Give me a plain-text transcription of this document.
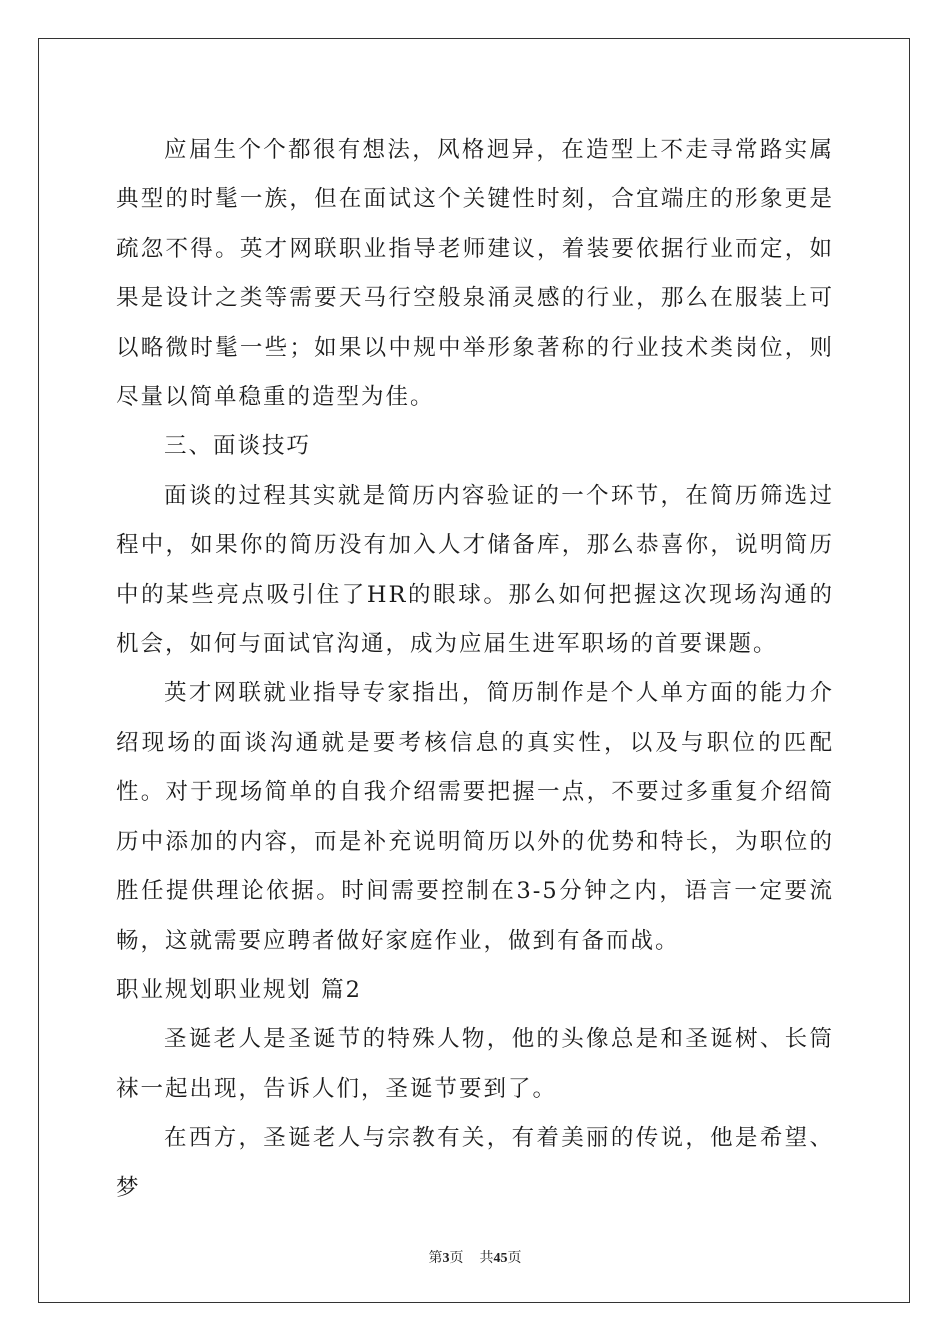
应届生个个都很有想法，风格迥异，在造型上不走寻常路实属典型的时髦一族，但在面试这个关键性时刻，合宜端庄的形象更是疏忽不得。英才网联职业指导老师建议，着装要依据行业而定，如果是设计之类等需要天马行空般泉涌灵感的行业，那么在服装上可以略微时髦一些；如果以中规中举形象著称的行业技术类岗位，则尽量以简单稳重的造型为佳。

三、面谈技巧

面谈的过程其实就是简历内容验证的一个环节，在简历筛选过程中，如果你的简历没有加入人才储备库，那么恭喜你，说明简历中的某些亮点吸引住了HR的眼球。那么如何把握这次现场沟通的机会，如何与面试官沟通，成为应届生进军职场的首要课题。

英才网联就业指导专家指出，简历制作是个人单方面的能力介绍现场的面谈沟通就是要考核信息的真实性，以及与职位的匹配性。对于现场简单的自我介绍需要把握一点，不要过多重复介绍简历中添加的内容，而是补充说明简历以外的优势和特长，为职位的胜任提供理论依据。时间需要控制在3-5分钟之内，语言一定要流畅，这就需要应聘者做好家庭作业，做到有备而战。

职业规划职业规划 篇2

圣诞老人是圣诞节的特殊人物，他的头像总是和圣诞树、长筒袜一起出现，告诉人们，圣诞节要到了。

在西方，圣诞老人与宗教有关，有着美丽的传说，他是希望、梦

第3页 共45页
